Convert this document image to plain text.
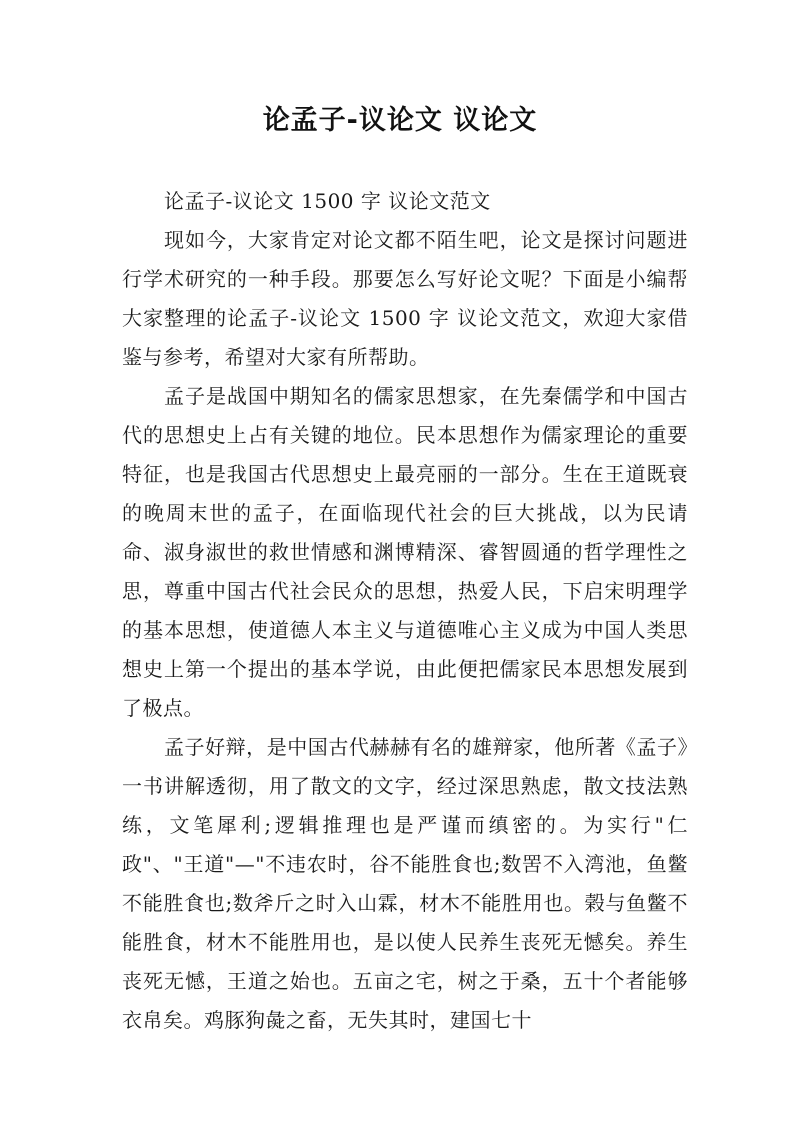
论孟子-议论文 议论文

论孟子-议论文 1500 字 议论文范文

现如今，大家肯定对论文都不陌生吧，论文是探讨问题进行学术研究的一种手段。那要怎么写好论文呢？下面是小编帮大家整理的论孟子-议论文 1500 字 议论文范文，欢迎大家借鉴与参考，希望对大家有所帮助。

孟子是战国中期知名的儒家思想家，在先秦儒学和中国古代的思想史上占有关键的地位。民本思想作为儒家理论的重要特征，也是我国古代思想史上最亮丽的一部分。生在王道既衰的晚周末世的孟子，在面临现代社会的巨大挑战，以为民请命、淑身淑世的救世情感和渊博精深、睿智圆通的哲学理性之思，尊重中国古代社会民众的思想，热爱人民，下启宋明理学的基本思想，使道德人本主义与道德唯心主义成为中国人类思想史上第一个提出的基本学说，由此便把儒家民本思想发展到了极点。

孟子好辩，是中国古代赫赫有名的雄辩家，他所著《孟子》一书讲解透彻，用了散文的文字，经过深思熟虑，散文技法熟练，文笔犀利;逻辑推理也是严谨而缜密的。为实行"仁政"、"王道"—"不违农时，谷不能胜食也;数罟不入湾池，鱼鳖不能胜食也;数斧斤之时入山霖，材木不能胜用也。榖与鱼鳖不能胜食，材木不能胜用也，是以使人民养生丧死无憾矣。养生丧死无憾，王道之始也。五亩之宅，树之于桑，五十个者能够衣帛矣。鸡豚狗彘之畜，无失其时，建国七十
